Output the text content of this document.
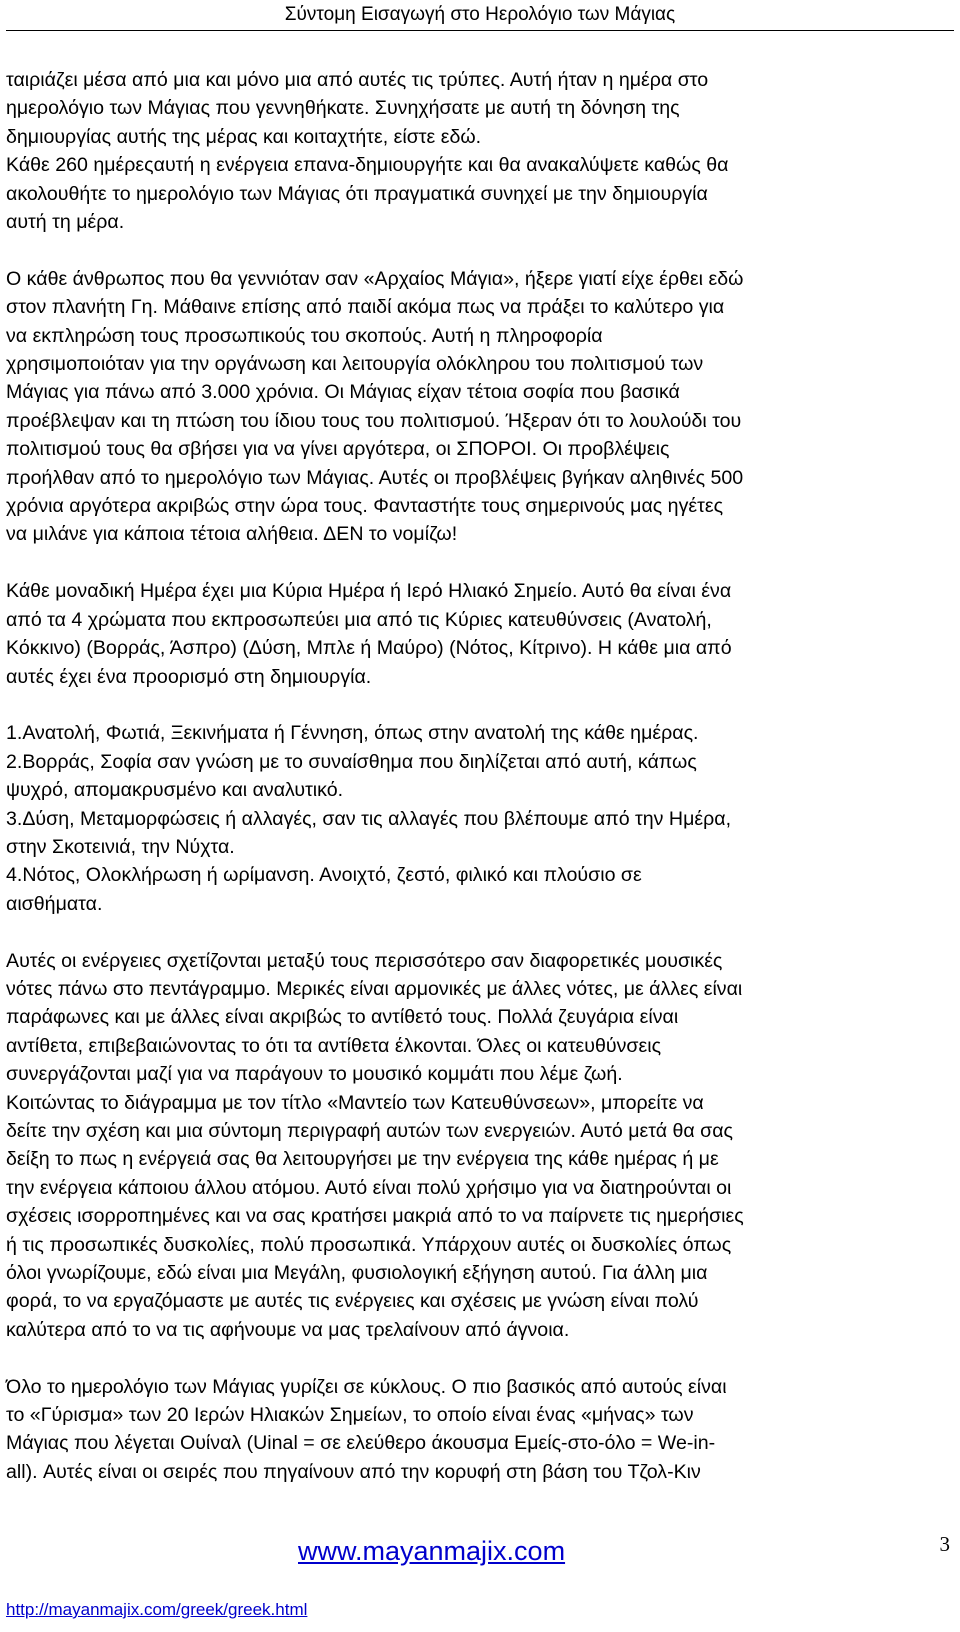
Σύντομη Εισαγωγή στο Ηερολόγιο των Μάγιας

ταιριάζει μέσα από μια και μόνο μια από αυτές τις τρύπες. Αυτή ήταν η ημέρα στο
ημερολόγιο των Μάγιας που γεννηθήκατε. Συνηχήσατε με αυτή τη δόνηση της
δημιουργίας αυτής της μέρας και κοιταχτήτε, είστε εδώ.
Κάθε 260 ημέρεςαυτή η ενέργεια επανα-δημιουργήτε και θα ανακαλύψετε καθώς θα
ακολουθήτε το ημερολόγιο των Μάγιας ότι πραγματικά συνηχεί με την δημιουργία
αυτή τη μέρα.

Ο κάθε άνθρωπος που θα γεννιόταν σαν «Αρχαίος Μάγια», ήξερε γιατί είχε έρθει εδώ
στον πλανήτη Γη. Μάθαινε επίσης από παιδί ακόμα πως να πράξει το καλύτερο για
να εκπληρώση τους προσωπικούς του σκοπούς. Αυτή η πληροφορία
χρησιμοποιόταν για την οργάνωση και λειτουργία ολόκληρου του πολιτισμού των
Μάγιας για πάνω από 3.000 χρόνια. Οι Μάγιας είχαν τέτοια σοφία που βασικά
προέβλεψαν και τη πτώση του ίδιου τους του πολιτισμού. Ήξεραν ότι το λουλούδι του
πολιτισμού τους θα σβήσει για να γίνει αργότερα, οι ΣΠΟΡΟΙ. Οι προβλέψεις
προήλθαν από το ημερολόγιο των Μάγιας. Αυτές οι προβλέψεις βγήκαν αληθινές 500
χρόνια αργότερα ακριβώς στην ώρα τους. Φανταστήτε τους σημερινούς μας ηγέτες
να μιλάνε για κάποια τέτοια αλήθεια. ΔΕΝ το νομίζω!

Κάθε μοναδική Ημέρα έχει μια Κύρια Ημέρα ή Ιερό Ηλιακό Σημείο. Αυτό θα είναι ένα
από τα 4 χρώματα που εκπροσωπεύει μια από τις Κύριες κατευθύνσεις (Ανατολή,
Κόκκινο) (Βορράς, Άσπρο) (Δύση, Μπλε ή Μαύρο) (Νότος, Κίτρινο). Η κάθε μια από
αυτές έχει ένα προορισμό στη δημιουργία.

1.Ανατολή, Φωτιά, Ξεκινήματα ή Γέννηση, όπως στην ανατολή της κάθε ημέρας.
2.Βορράς, Σοφία σαν γνώση με το συναίσθημα που διηλίζεται από αυτή, κάπως
ψυχρό, απομακρυσμένο και αναλυτικό.
3.Δύση, Μεταμορφώσεις ή αλλαγές, σαν τις αλλαγές που βλέπουμε από την Ημέρα,
στην Σκοτεινιά, την Νύχτα.
4.Νότος, Ολοκλήρωση ή ωρίμανση. Ανοιχτό, ζεστό, φιλικό και πλούσιο σε
αισθήματα.

Αυτές οι ενέργειες σχετίζονται μεταξύ τους περισσότερο σαν διαφορετικές μουσικές
νότες πάνω στο πεντάγραμμο. Μερικές είναι αρμονικές με άλλες νότες, με άλλες είναι
παράφωνες και με άλλες είναι ακριβώς το αντίθετό τους. Πολλά ζευγάρια είναι
αντίθετα, επιβεβαιώνοντας το ότι τα αντίθετα έλκονται. Όλες οι κατευθύνσεις
συνεργάζονται μαζί για να παράγουν το μουσικό κομμάτι που λέμε ζωή.
Κοιτώντας το διάγραμμα με τον τίτλο «Μαντείο των Κατευθύνσεων», μπορείτε να
δείτε την σχέση και μια σύντομη περιγραφή αυτών των ενεργειών. Αυτό μετά θα σας
δείξη το πως η ενέργειά σας θα λειτουργήσει με την ενέργεια της κάθε ημέρας ή με
την ενέργεια κάποιου άλλου ατόμου. Αυτό είναι πολύ χρήσιμο για να διατηρούνται οι
σχέσεις ισορροπημένες και να σας κρατήσει μακριά από το να παίρνετε τις ημερήσιες
ή τις προσωπικές δυσκολίες, πολύ προσωπικά. Υπάρχουν αυτές οι δυσκολίες όπως
όλοι γνωρίζουμε, εδώ είναι μια Μεγάλη, φυσιολογική εξήγηση αυτού. Για άλλη μια
φορά, το να εργαζόμαστε με αυτές τις ενέργειες και σχέσεις με γνώση είναι πολύ
καλύτερα από το να τις αφήνουμε να μας τρελαίνουν από άγνοια.

Όλο το ημερολόγιο των Μάγιας γυρίζει σε κύκλους. Ο πιο βασικός από αυτούς είναι
το «Γύρισμα» των 20 Ιερών Ηλιακών Σημείων, το οποίο είναι ένας «μήνας» των
Μάγιας που λέγεται Ουίναλ (Uinal = σε ελεύθερο άκουσμα Εμείς-στο-όλο = We-in-
all). Αυτές είναι οι σειρές που πηγαίνουν από την κορυφή στη βάση του Τζολ-Κιν

www.mayanmajix.com	3
http://mayanmajix.com/greek/greek.html
